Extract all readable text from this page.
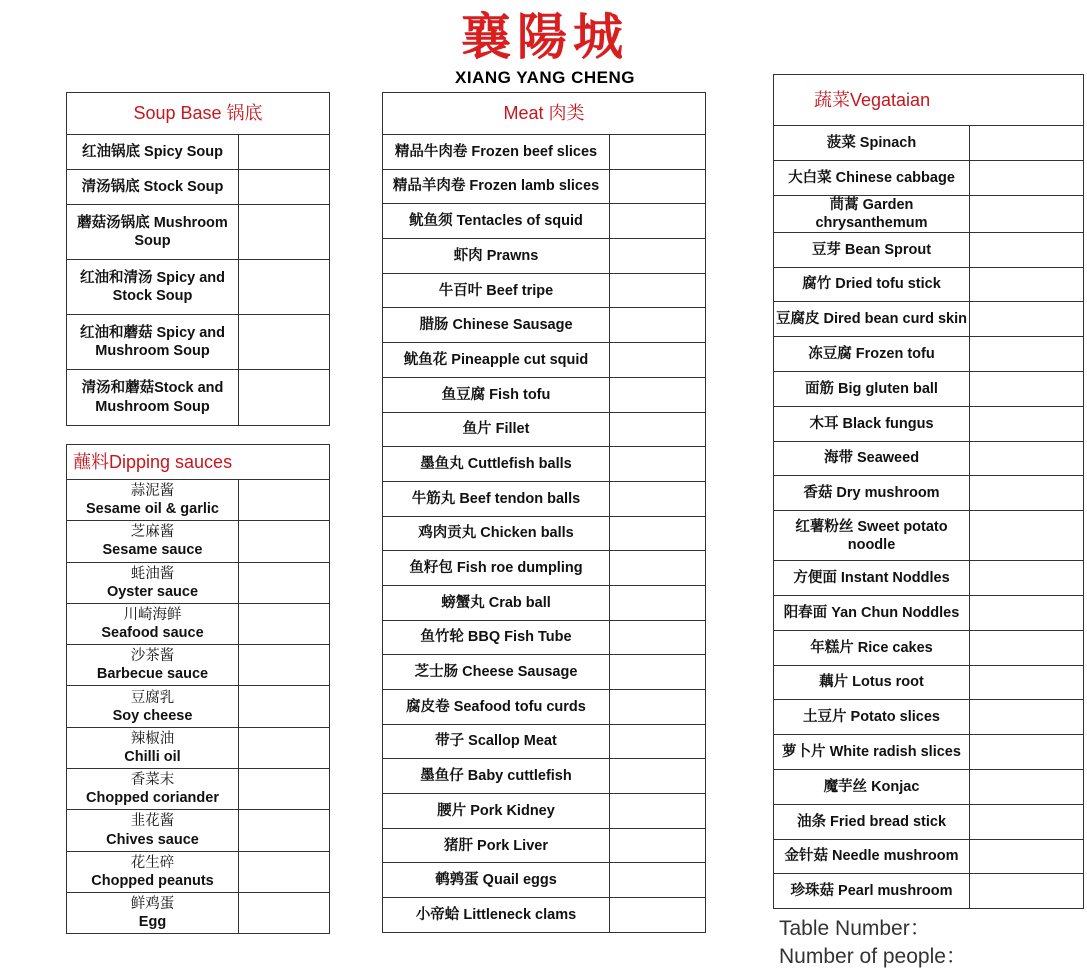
襄陽城
XIANG YANG CHENG
Soup Base 锅底	
红油锅底 Spicy Soup	
清汤锅底 Stock Soup	
蘑菇汤锅底 Mushroom Soup	
红油和清汤 Spicy and Stock Soup	
红油和蘑菇 Spicy and Mushroom Soup	
清汤和蘑菇Stock and Mushroom Soup	
蘸料Dipping sauces	

蒜泥酱
Sesame oil & garlic	

芝麻酱
Sesame sauce	

蚝油酱
Oyster sauce	

川崎海鲜
Seafood sauce	

沙茶酱
Barbecue sauce	

豆腐乳
Soy cheese	

辣椒油
Chilli oil	

香菜末
Chopped coriander	

韭花酱
Chives sauce	

花生碎
Chopped peanuts	

鲜鸡蛋
Egg	

Meat 肉类	
精品牛肉卷 Frozen beef slices	
精品羊肉卷 Frozen lamb slices	
鱿鱼须 Tentacles of squid	
虾肉 Prawns	
牛百叶 Beef tripe	
腊肠 Chinese Sausage	
鱿鱼花 Pineapple cut squid	
鱼豆腐 Fish tofu	
鱼片 Fillet	
墨鱼丸 Cuttlefish balls	
牛筋丸 Beef tendon balls	
鸡肉贡丸 Chicken balls	
鱼籽包 Fish roe dumpling	
螃蟹丸 Crab ball	
鱼竹轮 BBQ Fish Tube	
芝士肠 Cheese Sausage	
腐皮卷 Seafood tofu curds	
带子 Scallop Meat	
墨鱼仔 Baby cuttlefish	
腰片 Pork Kidney	
猪肝 Pork Liver	
鹌鹑蛋 Quail eggs	
小帝蛤 Littleneck clams	
蔬菜Vegataian	
菠菜 Spinach	
大白菜 Chinese cabbage	
茼蒿 Garden chrysanthemum	
豆芽 Bean Sprout	
腐竹 Dried tofu stick	
豆腐皮 Dired bean curd skin	
冻豆腐 Frozen tofu	
面筋 Big gluten ball	
木耳 Black fungus	
海带 Seaweed	
香菇 Dry mushroom	
红薯粉丝 Sweet potato noodle	
方便面 Instant Noddles	
阳春面 Yan Chun Noddles	
年糕片 Rice cakes	
藕片 Lotus root	
土豆片 Potato slices	
萝卜片 White radish slices	
魔芋丝 Konjac	
油条 Fried bread stick	
金针菇 Needle mushroom	
珍珠菇 Pearl mushroom	
Table Number：
Number of people：
